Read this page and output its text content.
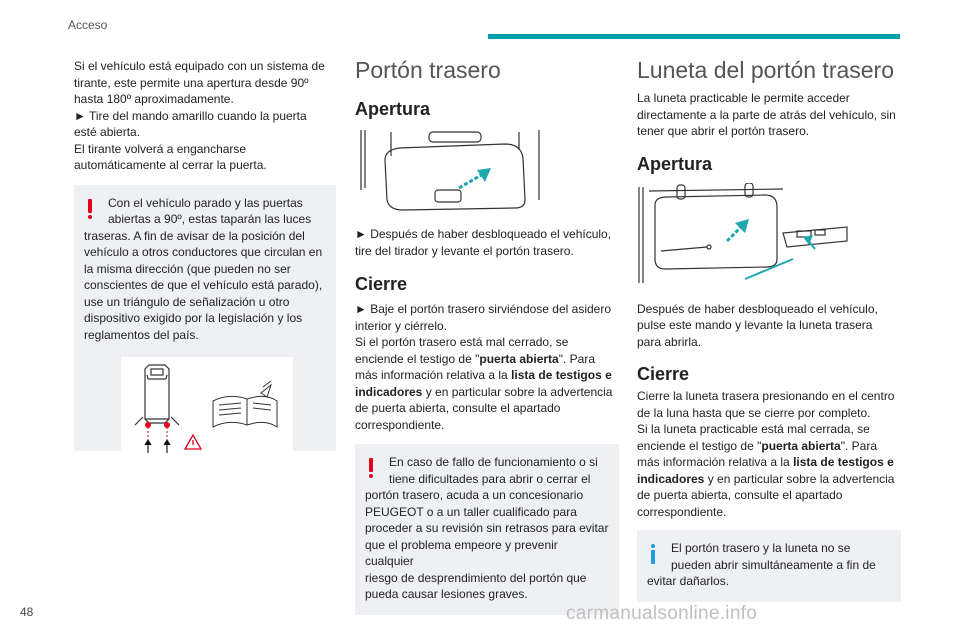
Acceso

Si el vehículo está equipado con un sistema de
tirante, este permite una apertura desde 90º
hasta 180º aproximadamente.
► Tire del mando amarillo cuando la puerta
esté abierta.
El tirante volverá a engancharse
automáticamente al cerrar la puerta.

Con el vehículo parado y las puertas
abiertas a 90º, estas taparán las luces

traseras. A fin de avisar de la posición del
vehículo a otros conductores que circulan en
la misma dirección (que pueden no ser
conscientes de que el vehículo está parado),
use un triángulo de señalización u otro
dispositivo exigido por la legislación y los
reglamentos del país.

Portón trasero
Apertura

► Después de haber desbloqueado el vehículo,
tire del tirador y levante el portón trasero.

Cierre

► Baje el portón trasero sirviéndose del asidero
interior y ciérrelo.
Si el portón trasero está mal cerrado, se
enciende el testigo de "puerta abierta". Para
más información relativa a la lista de testigos e
indicadores y en particular sobre la advertencia
de puerta abierta, consulte el apartado
correspondiente.

En caso de fallo de funcionamiento o si
tiene dificultades para abrir o cerrar el

portón trasero, acuda a un concesionario
PEUGEOT o a un taller cualificado para
proceder a su revisión sin retrasos para evitar
que el problema empeore y prevenir cualquier
riesgo de desprendimiento del portón que
pueda causar lesiones graves.

Luneta del portón trasero

La luneta practicable le permite acceder
directamente a la parte de atrás del vehículo, sin
tener que abrir el portón trasero.

Apertura

Después de haber desbloqueado el vehículo,
pulse este mando y levante la luneta trasera
para abrirla.

Cierre

Cierre la luneta trasera presionando en el centro
de la luna hasta que se cierre por completo.
Si la luneta practicable está mal cerrada, se
enciende el testigo de "puerta abierta". Para
más información relativa a la lista de testigos e
indicadores y en particular sobre la advertencia
de puerta abierta, consulte el apartado
correspondiente.

El portón trasero y la luneta no se
pueden abrir simultáneamente a fin de

evitar dañarlos.

48	carmanualsonline.info
